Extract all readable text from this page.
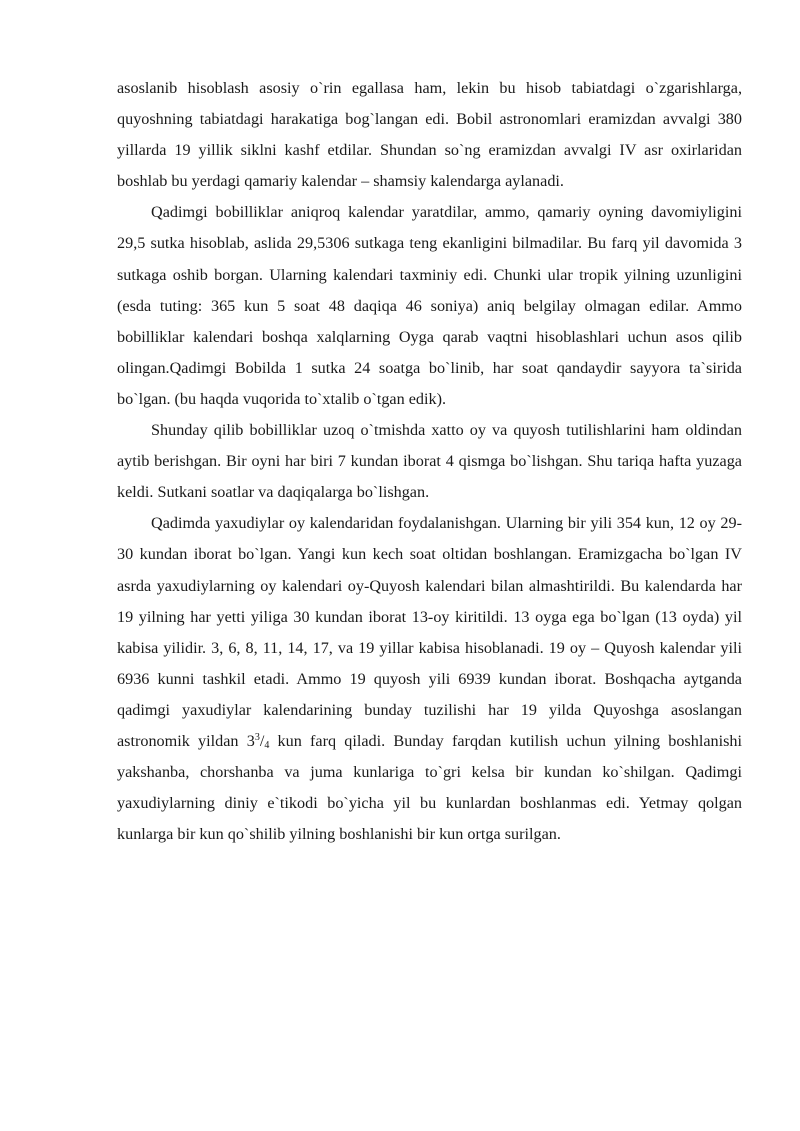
asoslanib hisoblash asosiy o`rin egallasa ham, lekin bu hisob tabiatdagi o`zgarishlarga, quyoshning tabiatdagi harakatiga bog`langan edi. Bobil astronomlari eramizdan avvalgi 380 yillarda 19 yillik siklni kashf etdilar. Shundan so`ng eramizdan avvalgi IV asr oxirlaridan boshlab bu yerdagi qamariy kalendar – shamsiy kalendarga aylanadi.

Qadimgi bobilliklar aniqroq kalendar yaratdilar, ammo, qamariy oyning davomiyligini 29,5 sutka hisoblab, aslida 29,5306 sutkaga teng ekanligini bilmadilar. Bu farq yil davomida 3 sutkaga oshib borgan. Ularning kalendari taxminiy edi. Chunki ular tropik yilning uzunligini (esda tuting: 365 kun 5 soat 48 daqiqa 46 soniya) aniq belgilay olmagan edilar. Ammo bobilliklar kalendari boshqa xalqlarning Oyga qarab vaqtni hisoblashlari uchun asos qilib olingan.Qadimgi Bobilda 1 sutka 24 soatga bo`linib, har soat qandaydir sayyora ta`sirida bo`lgan. (bu haqda vuqorida to`xtalib o`tgan edik).

Shunday qilib bobilliklar uzoq o`tmishda xatto oy va quyosh tutilishlarini ham oldindan aytib berishgan. Bir oyni har biri 7 kundan iborat 4 qismga bo`lishgan. Shu tariqa hafta yuzaga keldi. Sutkani soatlar va daqiqalarga bo`lishgan.

Qadimda yaxudiylar oy kalendaridan foydalanishgan. Ularning bir yili 354 kun, 12 oy 29-30 kundan iborat bo`lgan. Yangi kun kech soat oltidan boshlangan. Eramizgacha bo`lgan IV asrda yaxudiylarning oy kalendari oy-Quyosh kalendari bilan almashtirildi. Bu kalendarda har 19 yilning har yetti yiliga 30 kundan iborat 13-oy kiritildi. 13 oyga ega bo`lgan (13 oyda) yil kabisa yilidir. 3, 6, 8, 11, 14, 17, va 19 yillar kabisa hisoblanadi. 19 oy – Quyosh kalendar yili 6936 kunni tashkil etadi. Ammo 19 quyosh yili 6939 kundan iborat. Boshqacha aytganda qadimgi yaxudiylar kalendarining bunday tuzilishi har 19 yilda Quyoshga asoslangan astronomik yildan $3^3/_4$ kun farq qiladi. Bunday farqdan kutilish uchun yilning boshlanishi yakshanba, chorshanba va juma kunlariga to`gri kelsa bir kundan ko`shilgan. Qadimgi yaxudiylarning diniy e`tikodi bo`yicha yil bu kunlardan boshlanmas edi. Yetmay qolgan kunlarga bir kun qo`shilib yilning boshlanishi bir kun ortga surilgan.
